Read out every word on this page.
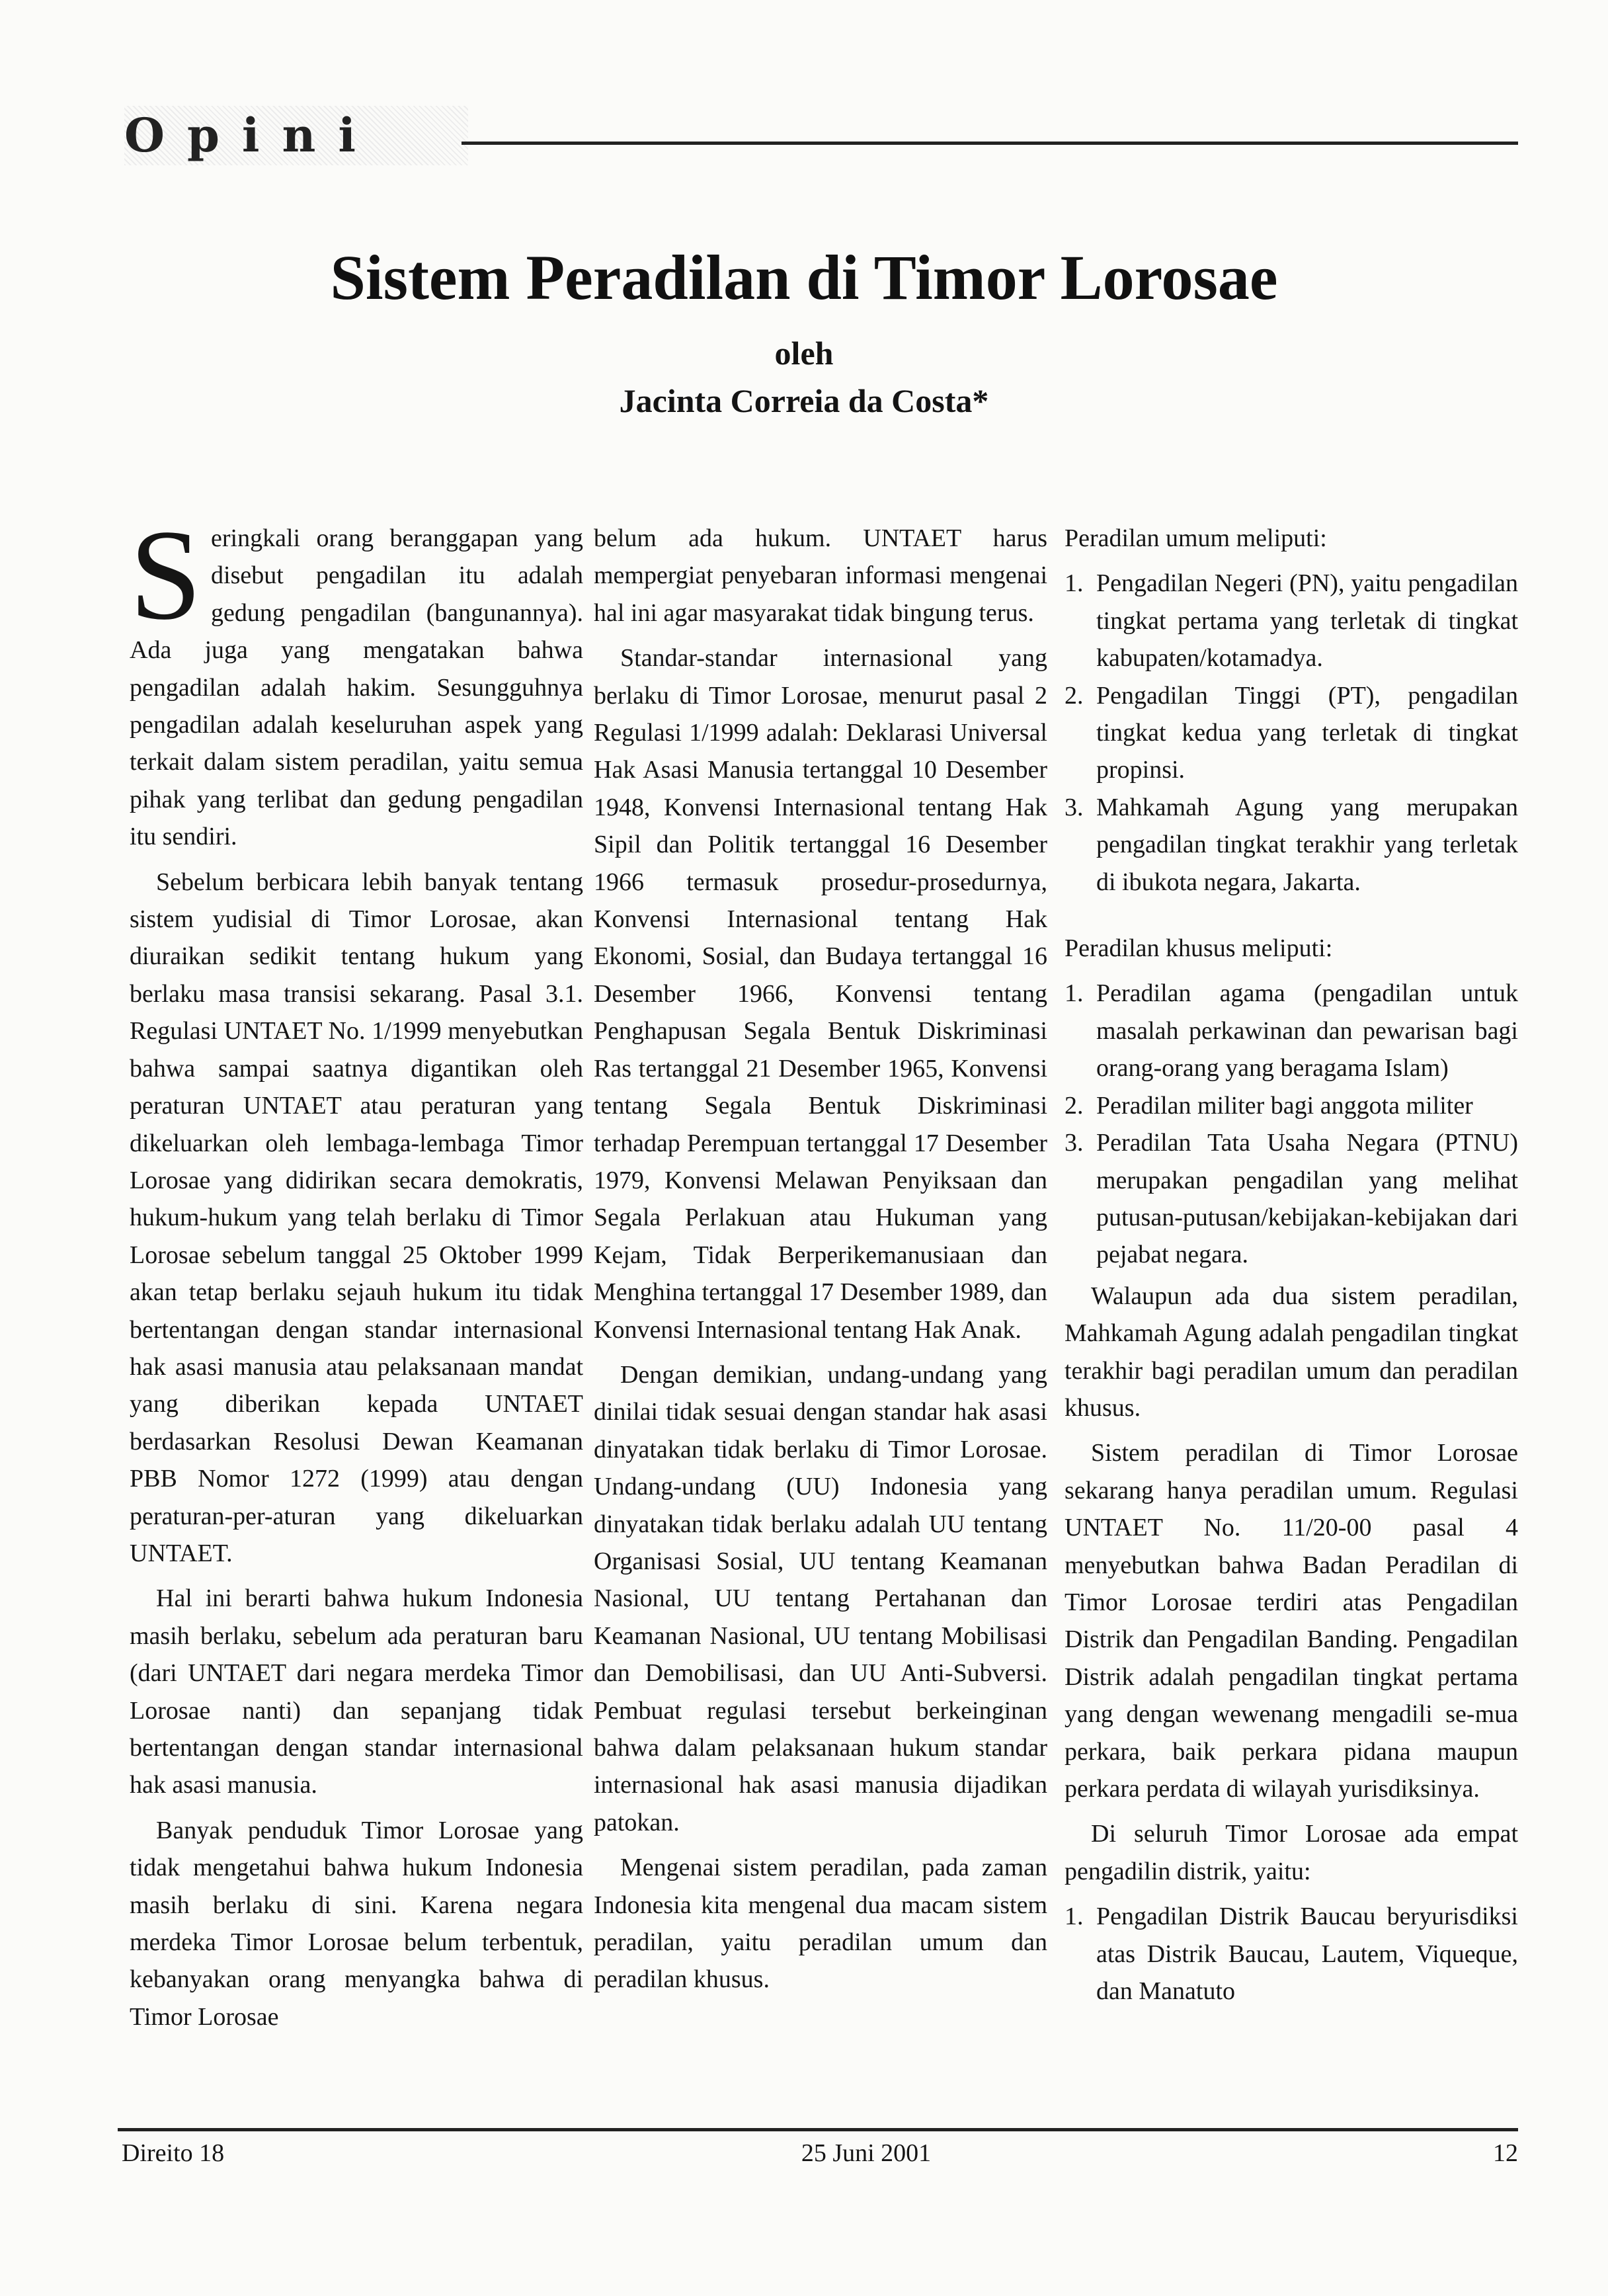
Opini
Sistem Peradilan di Timor Lorosae
oleh
Jacinta Correia da Costa*

Seringkali orang beranggapan yang disebut pengadilan itu adalah gedung pengadilan (bangunannya). Ada juga yang mengatakan bahwa pengadilan adalah hakim. Sesungguhnya pengadilan adalah keseluruhan aspek yang terkait dalam sistem peradilan, yaitu semua pihak yang terlibat dan gedung pengadilan itu sendiri.

Sebelum berbicara lebih banyak tentang sistem yudisial di Timor Lorosae, akan diuraikan sedikit tentang hukum yang berlaku masa transisi sekarang. Pasal 3.1. Regulasi UNTAET No. 1/1999 menyebutkan bahwa sampai saatnya digantikan oleh peraturan UNTAET atau peraturan yang dikeluarkan oleh lembaga-lembaga Timor Lorosae yang didirikan secara demokratis, hukum-hukum yang telah berlaku di Timor Lorosae sebelum tanggal 25 Oktober 1999 akan tetap berlaku sejauh hukum itu tidak bertentangan dengan standar internasional hak asasi manusia atau pelaksanaan mandat yang diberikan kepada UNTAET berdasarkan Resolusi Dewan Keamanan PBB Nomor 1272 (1999) atau dengan peraturan-per-aturan yang dikeluarkan UNTAET.

Hal ini berarti bahwa hukum Indonesia masih berlaku, sebelum ada peraturan baru (dari UNTAET dari negara merdeka Timor Lorosae nanti) dan sepanjang tidak bertentangan dengan standar internasional hak asasi manusia.

Banyak penduduk Timor Lorosae yang tidak mengetahui bahwa hukum Indonesia masih berlaku di sini. Karena negara merdeka Timor Lorosae belum terbentuk, kebanyakan orang menyangka bahwa di Timor Lorosae

belum ada hukum. UNTAET harus mempergiat penyebaran informasi mengenai hal ini agar masyarakat tidak bingung terus.

Standar-standar internasional yang berlaku di Timor Lorosae, menurut pasal 2 Regulasi 1/1999 adalah: Deklarasi Universal Hak Asasi Manusia tertanggal 10 Desember 1948, Konvensi Internasional tentang Hak Sipil dan Politik tertanggal 16 Desember 1966 termasuk prosedur-prosedurnya, Konvensi Internasional tentang Hak Ekonomi, Sosial, dan Budaya tertanggal 16 Desember 1966, Konvensi tentang Penghapusan Segala Bentuk Diskriminasi Ras tertanggal 21 Desember 1965, Konvensi tentang Segala Bentuk Diskriminasi terhadap Perempuan tertanggal 17 Desember 1979, Konvensi Melawan Penyiksaan dan Segala Perlakuan atau Hukuman yang Kejam, Tidak Berperikemanusiaan dan Menghina tertanggal 17 Desember 1989, dan Konvensi Internasional tentang Hak Anak.

Dengan demikian, undang-undang yang dinilai tidak sesuai dengan standar hak asasi dinyatakan tidak berlaku di Timor Lorosae. Undang-undang (UU) Indonesia yang dinyatakan tidak berlaku adalah UU tentang Organisasi Sosial, UU tentang Keamanan Nasional, UU tentang Pertahanan dan Keamanan Nasional, UU tentang Mobilisasi dan Demobilisasi, dan UU Anti-Subversi. Pembuat regulasi tersebut berkeinginan bahwa dalam pelaksanaan hukum standar internasional hak asasi manusia dijadikan patokan.

Mengenai sistem peradilan, pada zaman Indonesia kita mengenal dua macam sistem peradilan, yaitu peradilan umum dan peradilan khusus.

Peradilan umum meliputi:

1. Pengadilan Negeri (PN), yaitu pengadilan tingkat pertama yang terletak di tingkat kabupaten/kotamadya.
2. Pengadilan Tinggi (PT), pengadilan tingkat kedua yang terletak di tingkat propinsi.
3. Mahkamah Agung yang merupakan pengadilan tingkat terakhir yang terletak di ibukota negara, Jakarta.

Peradilan khusus meliputi:

1. Peradilan agama (pengadilan untuk masalah perkawinan dan pewarisan bagi orang-orang yang beragama Islam)
2. Peradilan militer bagi anggota militer
3. Peradilan Tata Usaha Negara (PTNU) merupakan pengadilan yang melihat putusan-putusan/kebijakan-kebijakan dari pejabat negara.

Walaupun ada dua sistem peradilan, Mahkamah Agung adalah pengadilan tingkat terakhir bagi peradilan umum dan peradilan khusus.

Sistem peradilan di Timor Lorosae sekarang hanya peradilan umum. Regulasi UNTAET No. 11/20-00 pasal 4 menyebutkan bahwa Badan Peradilan di Timor Lorosae terdiri atas Pengadilan Distrik dan Pengadilan Banding. Pengadilan Distrik adalah pengadilan tingkat pertama yang dengan wewenang mengadili se-mua perkara, baik perkara pidana maupun perkara perdata di wilayah yurisdiksinya.

Di seluruh Timor Lorosae ada empat pengadilin distrik, yaitu:

1. Pengadilan Distrik Baucau beryurisdiksi atas Distrik Baucau, Lautem, Viqueque, dan Manatuto
Direito 18	25 Juni 2001	12
